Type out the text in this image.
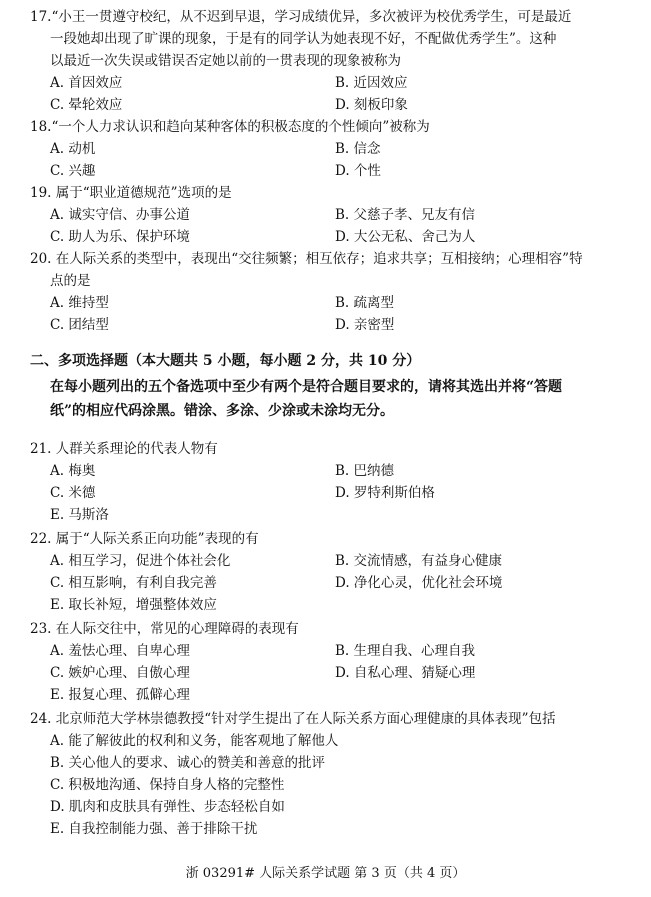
17.“小王一贯遵守校纪，从不迟到早退，学习成绩优异，多次被评为校优秀学生，可是最近
一段她却出现了旷课的现象，于是有的同学认为她表现不好，不配做优秀学生”。这种
以最近一次失误或错误否定她以前的一贯表现的现象被称为
A. 首因效应	B. 近因效应
C. 晕轮效应	D. 刻板印象
18.“一个人力求认识和趋向某种客体的积极态度的个性倾向”被称为
A. 动机	B. 信念
C. 兴趣	D. 个性
19. 属于“职业道德规范”选项的是
A. 诚实守信、办事公道	B. 父慈子孝、兄友有信
C. 助人为乐、保护环境	D. 大公无私、舍己为人
20. 在人际关系的类型中，表现出“交往频繁；相互依存；追求共享；互相接纳；心理相容”特
点的是
A. 维持型	B. 疏离型
C. 团结型	D. 亲密型
二、多项选择题（本大题共 5 小题，每小题 2 分，共 10 分）
在每小题列出的五个备选项中至少有两个是符合题目要求的，请将其选出并将“答题
纸”的相应代码涂黑。错涂、多涂、少涂或未涂均无分。
21. 人群关系理论的代表人物有
A. 梅奥	B. 巴纳德
C. 米德	D. 罗特利斯伯格
E. 马斯洛
22. 属于“人际关系正向功能”表现的有
A. 相互学习，促进个体社会化	B. 交流情感，有益身心健康
C. 相互影响，有利自我完善	D. 净化心灵，优化社会环境
E. 取长补短，增强整体效应
23. 在人际交往中，常见的心理障碍的表现有
A. 羞怯心理、自卑心理	B. 生理自我、心理自我
C. 嫉妒心理、自傲心理	D. 自私心理、猜疑心理
E. 报复心理、孤僻心理
24. 北京师范大学林崇德教授“针对学生提出了在人际关系方面心理健康的具体表现”包括
A. 能了解彼此的权利和义务，能客观地了解他人
B. 关心他人的要求、诚心的赞美和善意的批评
C. 积极地沟通、保持自身人格的完整性
D. 肌肉和皮肤具有弹性、步态轻松自如
E. 自我控制能力强、善于排除干扰
浙 03291# 人际关系学试题 第 3 页（共 4 页）
